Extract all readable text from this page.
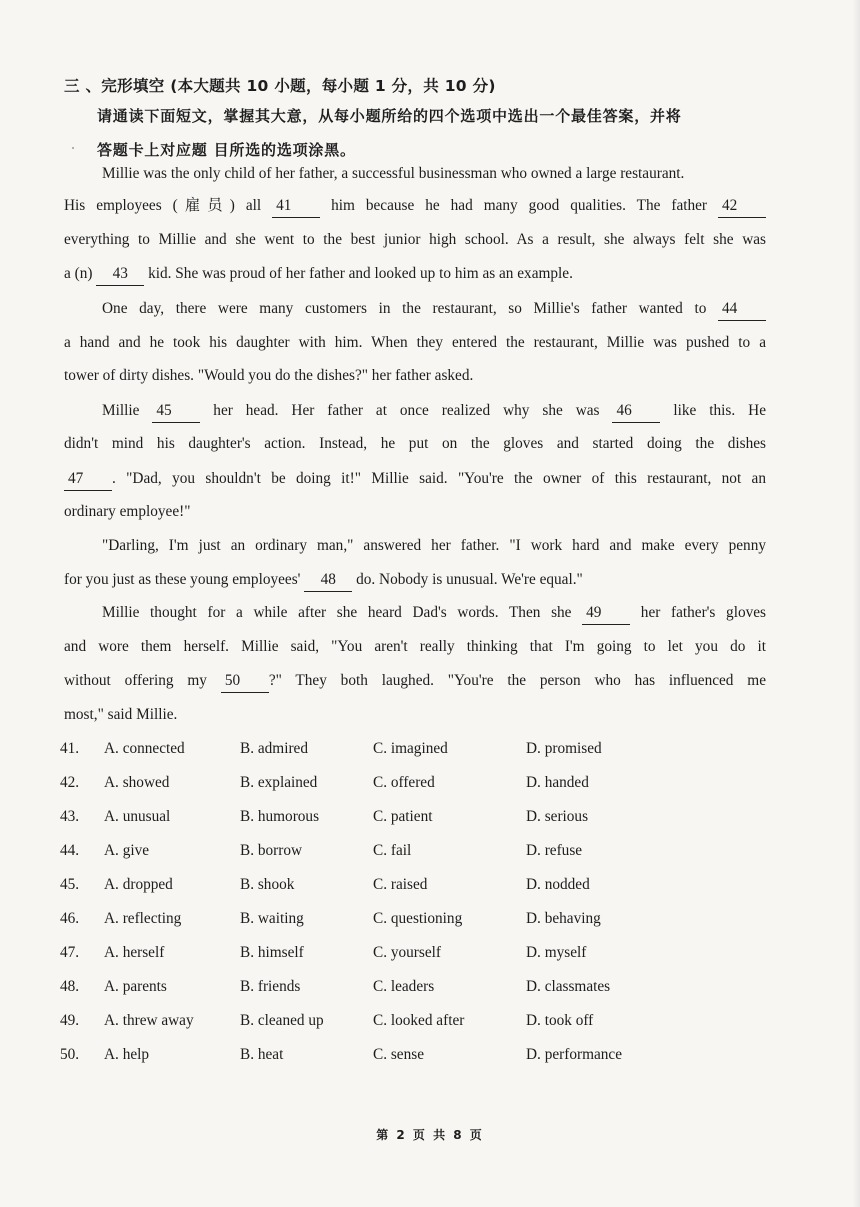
三 、完形填空 (本大题共 10 小题，每小题 1 分，共 10 分)
请通读下面短文，掌握其大意，从每小题所给的四个选项中选出一个最佳答案，并将
答题卡上对应题 目所选的选项涂黑。
Millie was the only child of her father, a successful businessman who owned a large restaurant.
His employees (雇员) all 41 him because he had many good qualities. The father 42
everything to Millie and she went to the best junior high school. As a result, she always felt she was
a (n) 43 kid. She was proud of her father and looked up to him as an example.
One day, there were many customers in the restaurant, so Millie's father wanted to 44
a hand and he took his daughter with him. When they entered the restaurant, Millie was pushed to a
tower of dirty dishes. "Would you do the dishes?" her father asked.
Millie 45 her head. Her father at once realized why she was 46 like this. He
didn't mind his daughter's action. Instead, he put on the gloves and started doing the dishes
47 . "Dad, you shouldn't be doing it!" Millie said. "You're the owner of this restaurant, not an
ordinary employee!"
"Darling, I'm just an ordinary man," answered her father. "I work hard and make every penny
for you just as these young employees' 48 do. Nobody is unusual. We're equal."
Millie thought for a while after she heard Dad's words. Then she 49 her father's gloves
and wore them herself. Millie said, "You aren't really thinking that I'm going to let you do it
without offering my 50 ?" They both laughed. "You're the person who has influenced me
most," said Millie.
41. A. connected	B. admired	C. imagined	D. promised
42. A. showed	B. explained	C. offered	D. handed
43. A. unusual	B. humorous	C. patient	D. serious
44. A. give	B. borrow	C. fail	D. refuse
45. A. dropped	B. shook	C. raised	D. nodded
46. A. reflecting	B. waiting	C. questioning	D. behaving
47. A. herself	B. himself	C. yourself	D. myself
48. A. parents	B. friends	C. leaders	D. classmates
49. A. threw away	B. cleaned up	C. looked after	D. took off
50. A. help	B. heat	C. sense	D. performance
第 2 页 共 8 页
